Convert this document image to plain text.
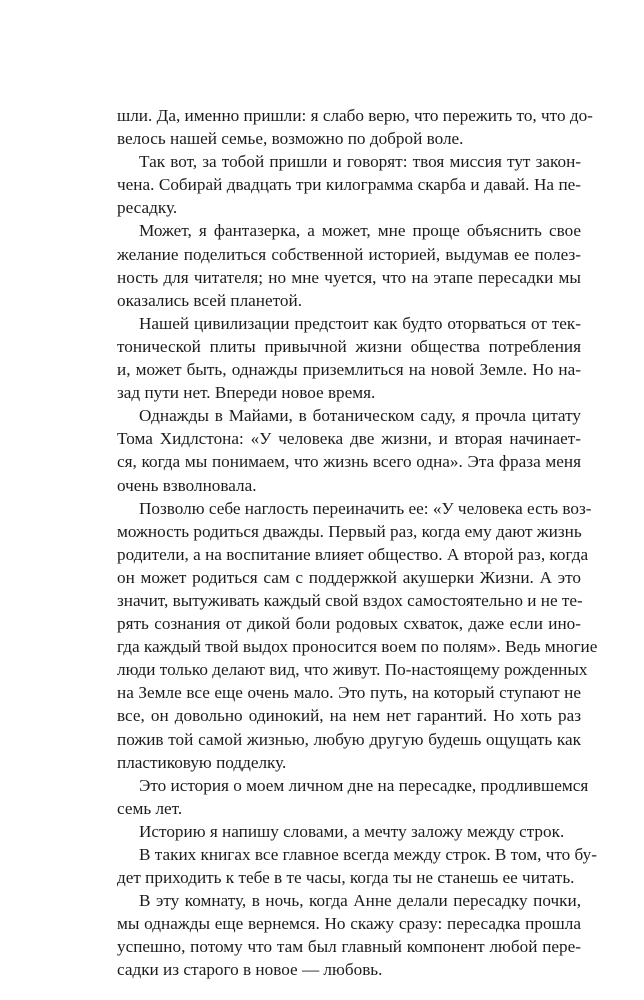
шли. Да, именно пришли: я слабо верю, что пережить то, что до-
велось нашей семье, возможно по доброй воле.
Так вот, за тобой пришли и говорят: твоя миссия тут закон-
чена. Собирай двадцать три килограмма скарба и давай. На пе-
ресадку.
Может, я фантазерка, а может, мне проще объяснить свое
желание поделиться собственной историей, выдумав ее полез-
ность для читателя; но мне чуется, что на этапе пересадки мы
оказались всей планетой.
Нашей цивилизации предстоит как будто оторваться от тек-
тонической плиты привычной жизни общества потребления
и, может быть, однажды приземлиться на новой Земле. Но на-
зад пути нет. Впереди новое время.
Однажды в Майами, в ботаническом саду, я прочла цитату
Тома Хидлстона: «У человека две жизни, и вторая начинает-
ся, когда мы понимаем, что жизнь всего одна». Эта фраза меня
очень взволновала.
Позволю себе наглость переиначить ее: «У человека есть воз-
можность родиться дважды. Первый раз, когда ему дают жизнь
родители, а на воспитание влияет общество. А второй раз, когда
он может родиться сам с поддержкой акушерки Жизни. А это
значит, вытуживать каждый свой вздох самостоятельно и не те-
рять сознания от дикой боли родовых схваток, даже если ино-
гда каждый твой выдох проносится воем по полям». Ведь многие
люди только делают вид, что живут. По-настоящему рожденных
на Земле все еще очень мало. Это путь, на который ступают не
все, он довольно одинокий, на нем нет гарантий. Но хоть раз
пожив той самой жизнью, любую другую будешь ощущать как
пластиковую подделку.
Это история о моем личном дне на пересадке, продлившемся
семь лет.
Историю я напишу словами, а мечту заложу между строк.
В таких книгах все главное всегда между строк. В том, что бу-
дет приходить к тебе в те часы, когда ты не станешь ее читать.
В эту комнату, в ночь, когда Анне делали пересадку почки,
мы однажды еще вернемся. Но скажу сразу: пересадка прошла
успешно, потому что там был главный компонент любой пере-
садки из старого в новое — любовь.
